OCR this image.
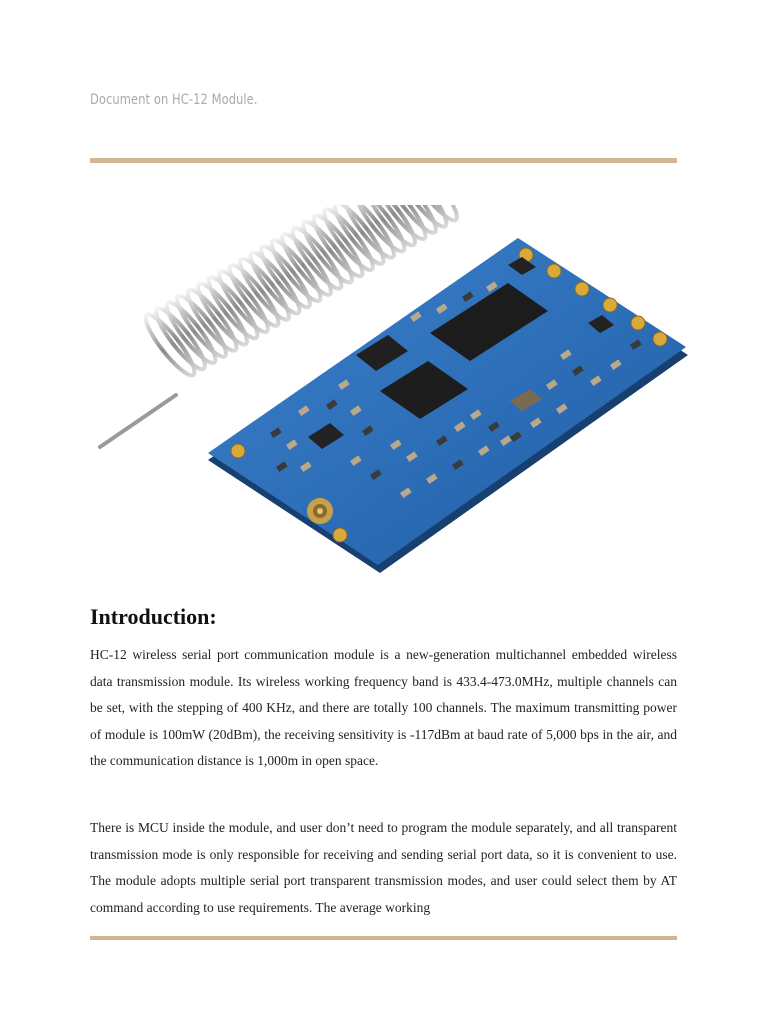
Document on HC-12 Module.
Introduction:
HC-12 wireless serial port communication module is a new-generation multichannel embedded wireless data transmission module. Its wireless working frequency band is 433.4-473.0MHz, multiple channels can be set, with the stepping of 400 KHz, and there are totally 100 channels. The maximum transmitting power of module is 100mW (20dBm), the receiving sensitivity is -117dBm at baud rate of 5,000 bps in the air, and the communication distance is 1,000m in open space.
There is MCU inside the module, and user don’t need to program the module separately, and all transparent transmission mode is only responsible for receiving and sending serial port data, so it is convenient to use. The module adopts multiple serial port transparent transmission modes, and user could select them by AT command according to use requirements. The average working
